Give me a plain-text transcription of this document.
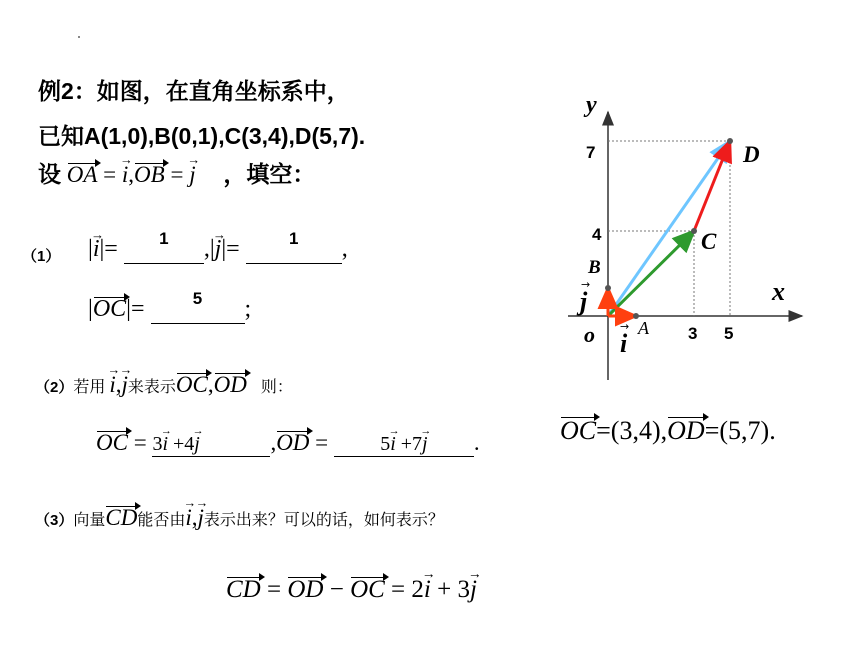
例2：如图，在直角坐标系中，
已知A(1,0),B(0,1),C(3,4),D(5,7).
设 OA = i →,OB = j → ，填空：
（1） |i →|= $^1$ ,|j →|=	$^1$ ,
|OC|=	$^5$ ;
（2）若用 i →,j →来表示OC,OD 则：
OC = 3i → +4j →	,OD =	5i → +7j → .	OC=(3,4),OD=(5,7).
（3）向量CD能否由i →,j →表示出来？可以的话，如何表示？
CD = OD − OC = 2i → + 3j →
y
x
o
D
C
B
A
j
→
i
→
7
4
3 5
